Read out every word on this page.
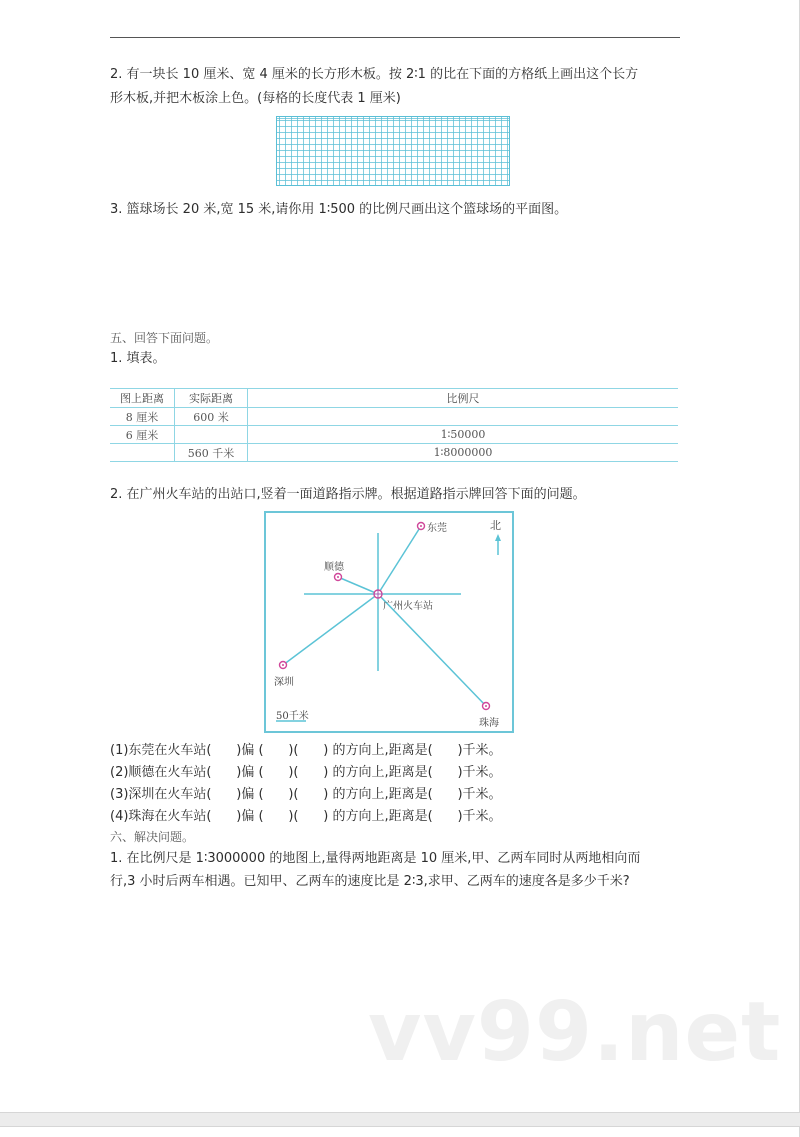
2. 有一块长 10 厘米、宽 4 厘米的长方形木板。按 2∶1 的比在下面的方格纸上画出这个长方
形木板,并把木板涂上色。(每格的长度代表 1 厘米)
3. 篮球场长 20 米,宽 15 米,请你用 1∶500 的比例尺画出这个篮球场的平面图。
五、回答下面问题。
1. 填表。
图上距离	实际距离	比例尺
8 厘米	600 米	
6 厘米		1∶50000
	560 千米	1∶8000000
2. 在广州火车站的出站口,竖着一面道路指示牌。根据道路指示牌回答下面的问题。
东莞
顺德
深圳
珠海
广州火车站
北
50千米
(1)东莞在火车站(      )偏 (      )(      ) 的方向上,距离是(      )千米。
(2)顺德在火车站(      )偏 (      )(      ) 的方向上,距离是(      )千米。
(3)深圳在火车站(      )偏 (      )(      ) 的方向上,距离是(      )千米。
(4)珠海在火车站(      )偏 (      )(      ) 的方向上,距离是(      )千米。
六、解决问题。
1. 在比例尺是 1∶3000000 的地图上,量得两地距离是 10 厘米,甲、乙两车同时从两地相向而
行,3 小时后两车相遇。已知甲、乙两车的速度比是 2∶3,求甲、乙两车的速度各是多少千米?
vv99.net
